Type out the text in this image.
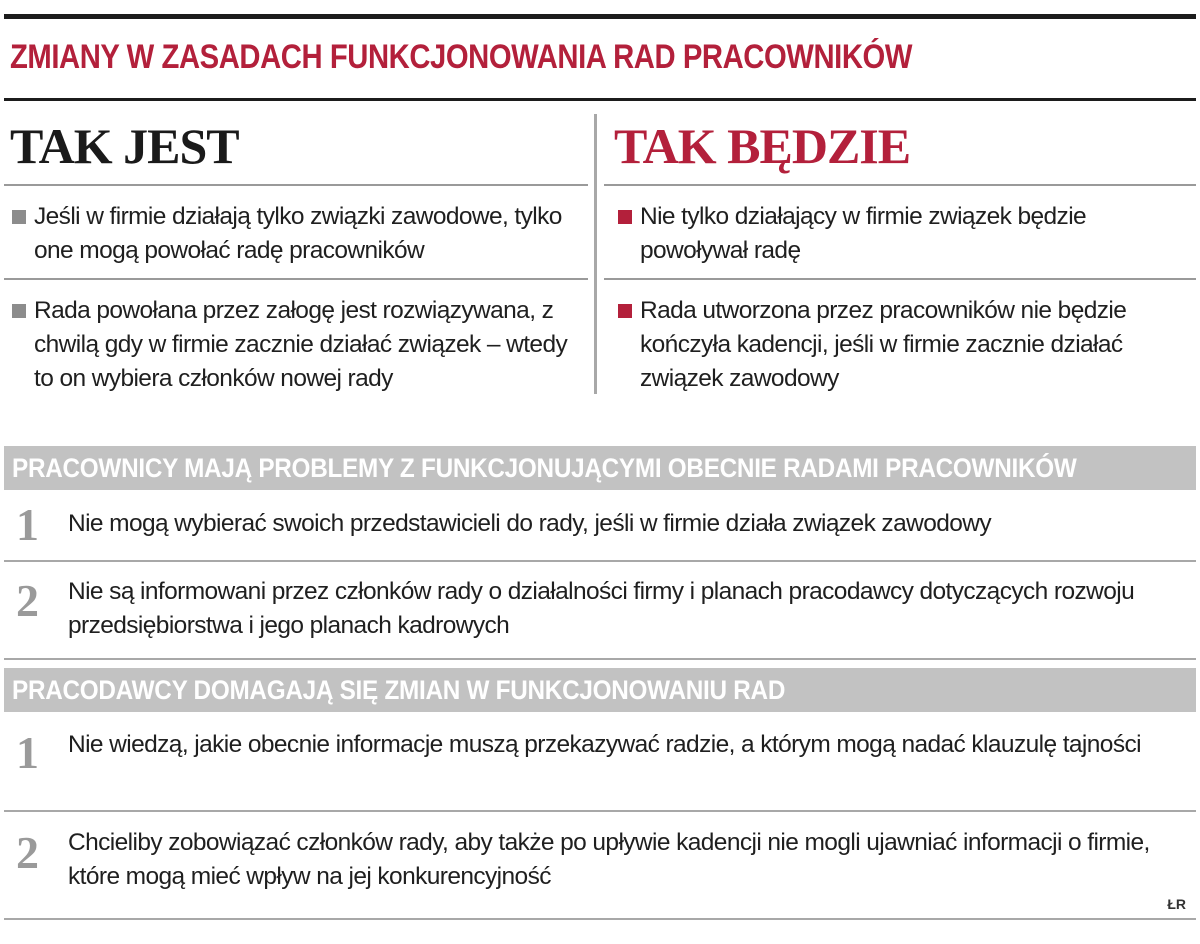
ZMIANY W ZASADACH FUNKCJONOWANIA RAD PRACOWNIKÓW
TAK JEST
Jeśli w firmie działają tylko związki zawodowe, tylko one mogą powołać radę pracowników
Rada powołana przez załogę jest rozwiązywana, z chwilą gdy w firmie zacznie działać związek – wtedy to on wybiera członków nowej rady
TAK BĘDZIE
Nie tylko działający w firmie związek będzie powoływał radę
Rada utworzona przez pracowników nie będzie kończyła kadencji, jeśli w firmie zacznie działać związek zawodowy
PRACOWNICY MAJĄ PROBLEMY Z FUNKCJONUJĄCYMI OBECNIE RADAMI PRACOWNIKÓW
1 Nie mogą wybierać swoich przedstawicieli do rady, jeśli w firmie działa związek zawodowy
2 Nie są informowani przez członków rady o działalności firmy i planach pracodawcy dotyczących rozwoju przedsiębiorstwa i jego planach kadrowych
PRACODAWCY DOMAGAJĄ SIĘ ZMIAN W FUNKCJONOWANIU RAD
1 Nie wiedzą, jakie obecnie informacje muszą przekazywać radzie, a którym mogą nadać klauzulę tajności
2 Chcieliby zobowiązać członków rady, aby także po upływie kadencji nie mogli ujawniać informacji o firmie, które mogą mieć wpływ na jej konkurencyjność
ŁR
